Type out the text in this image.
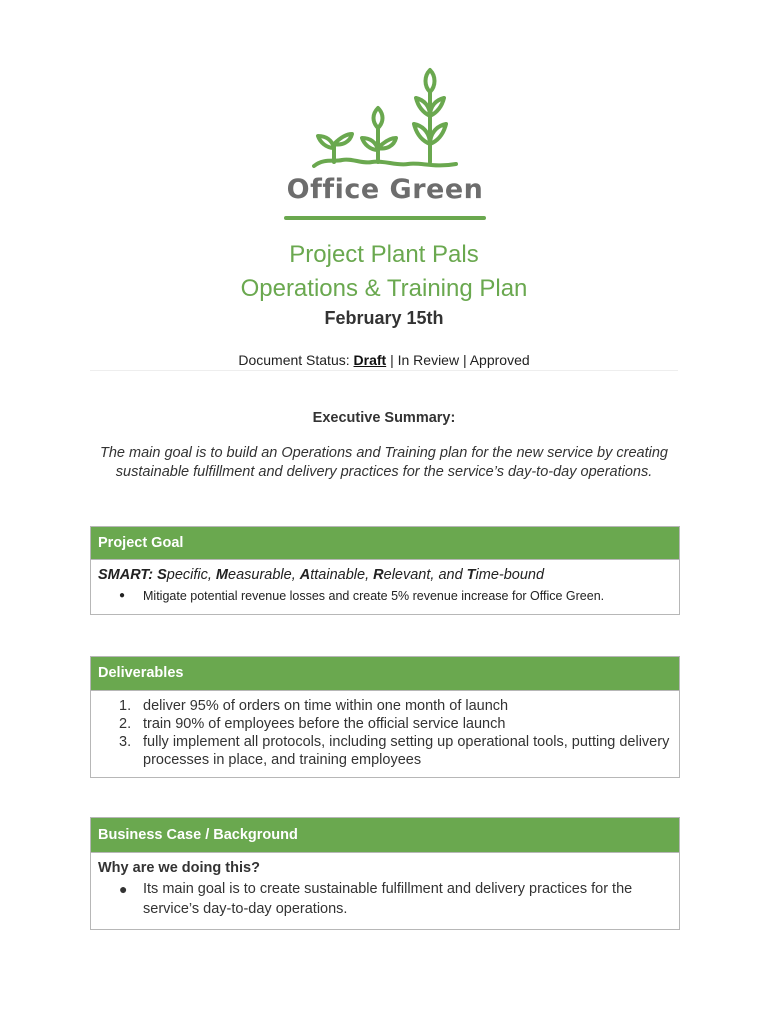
Office Green
Project Plant Pals
Operations & Training Plan
February 15th
Document Status: Draft | In Review | Approved
Executive Summary:
The main goal is to build an Operations and Training plan for the new service by creating sustainable fulfillment and delivery practices for the service’s day-to-day operations.
Project Goal
SMART: Specific, Measurable, Attainable, Relevant, and Time-bound
● Mitigate potential revenue losses and create 5% revenue increase for Office Green.
Deliverables
1. deliver 95% of orders on time within one month of launch
2. train 90% of employees before the official service launch
3. fully implement all protocols, including setting up operational tools, putting delivery processes in place, and training employees
Business Case / Background
Why are we doing this?
● Its main goal is to create sustainable fulfillment and delivery practices for the service’s day-to-day operations.
